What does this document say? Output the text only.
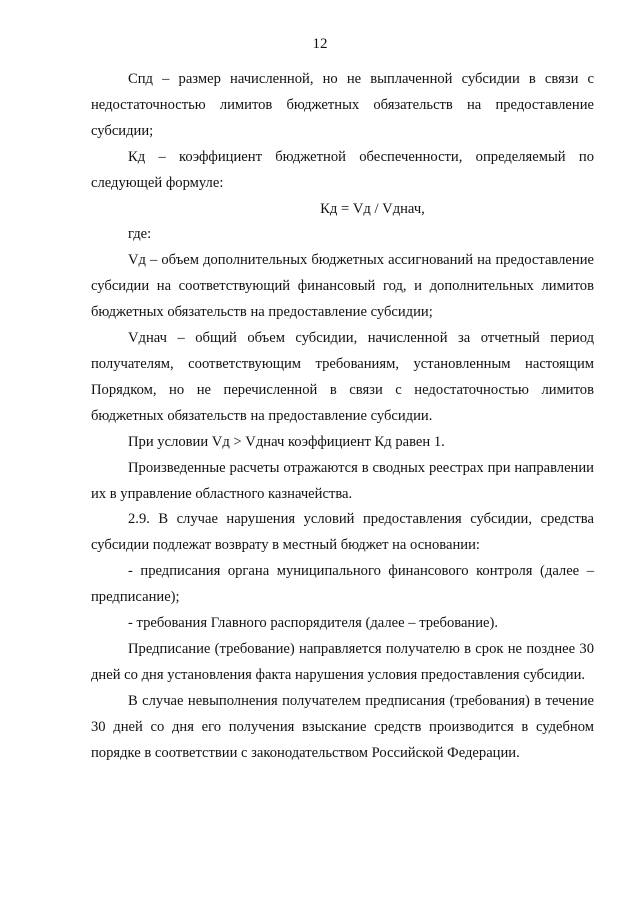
12

Спд – размер начисленной, но не выплаченной субсидии в связи с недостаточностью лимитов бюджетных обязательств на предоставление субсидии;

Кд – коэффициент бюджетной обеспеченности, определяемый по следующей формуле:

Кд = Vд / Vднач,

где:

Vд – объем дополнительных бюджетных ассигнований на предоставление субсидии на соответствующий финансовый год, и дополнительных лимитов бюджетных обязательств на предоставление субсидии;

Vднач – общий объем субсидии, начисленной за отчетный период получателям, соответствующим требованиям, установленным настоящим Порядком, но не перечисленной в связи с недостаточностью лимитов бюджетных обязательств на предоставление субсидии.

При условии Vд > Vднач коэффициент Кд равен 1.

Произведенные расчеты отражаются в сводных реестрах при направлении их в управление областного казначейства.

2.9. В случае нарушения условий предоставления субсидии, средства субсидии подлежат возврату в местный бюджет на основании:

- предписания органа муниципального финансового контроля (далее – предписание);

- требования Главного распорядителя (далее – требование).

Предписание (требование) направляется получателю в срок не позднее 30 дней со дня установления факта нарушения условия предоставления субсидии.

В случае невыполнения получателем предписания (требования) в течение 30 дней со дня его получения взыскание средств производится в судебном порядке в соответствии с законодательством Российской Федерации.
